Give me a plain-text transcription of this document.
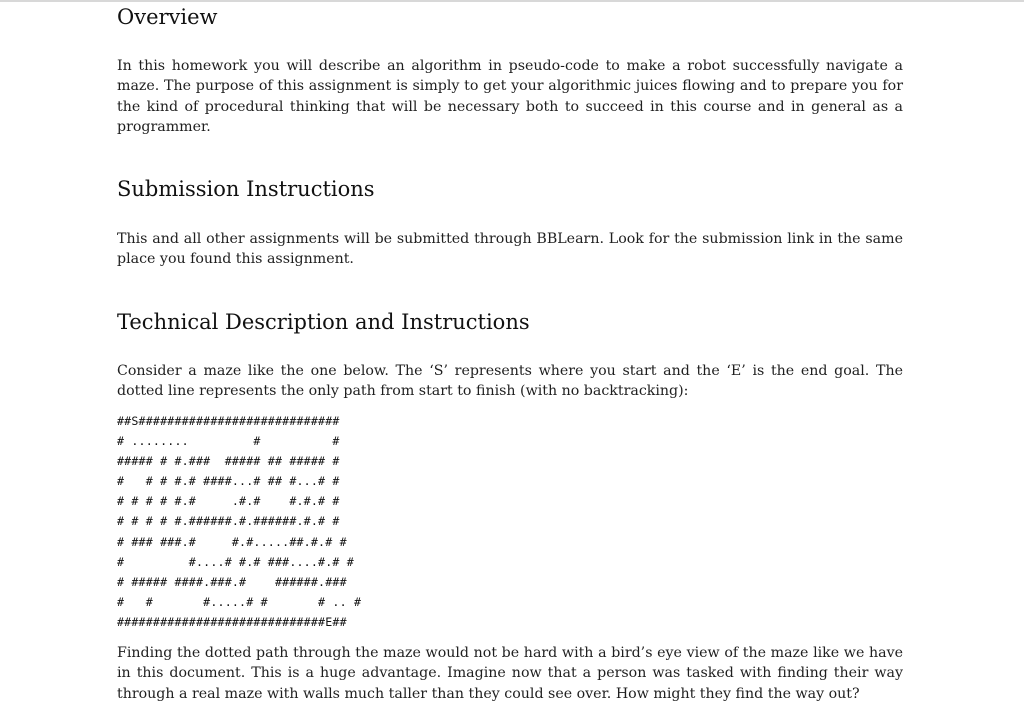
Overview

In this homework you will describe an algorithm in pseudo-code to make a robot successfully navigate a maze. The purpose of this assignment is simply to get your algorithmic juices flowing and to prepare you for the kind of procedural thinking that will be necessary both to succeed in this course and in general as a programmer.

Submission Instructions

This and all other assignments will be submitted through BBLearn. Look for the submission link in the same place you found this assignment.

Technical Description and Instructions

Consider a maze like the one below. The ‘S’ represents where you start and the ‘E’ is the end goal. The dotted line represents the only path from start to finish (with no backtracking):

##S############################
# ........         #          #
##### # #.###  ##### ## ##### #
#   # # #.# ####...# ## #...# #
# # # # #.#     .#.#    #.#.# #
# # # # #.######.#.######.#.# #
# ### ###.#     #.#.....##.#.# #
#         #....# #.# ###....#.# #
# ##### ####.###.#    ######.###
#   #       #.....# #       # .. #
#############################E##

Finding the dotted path through the maze would not be hard with a bird’s eye view of the maze like we have in this document. This is a huge advantage. Imagine now that a person was tasked with finding their way through a real maze with walls much taller than they could see over. How might they find the way out?
